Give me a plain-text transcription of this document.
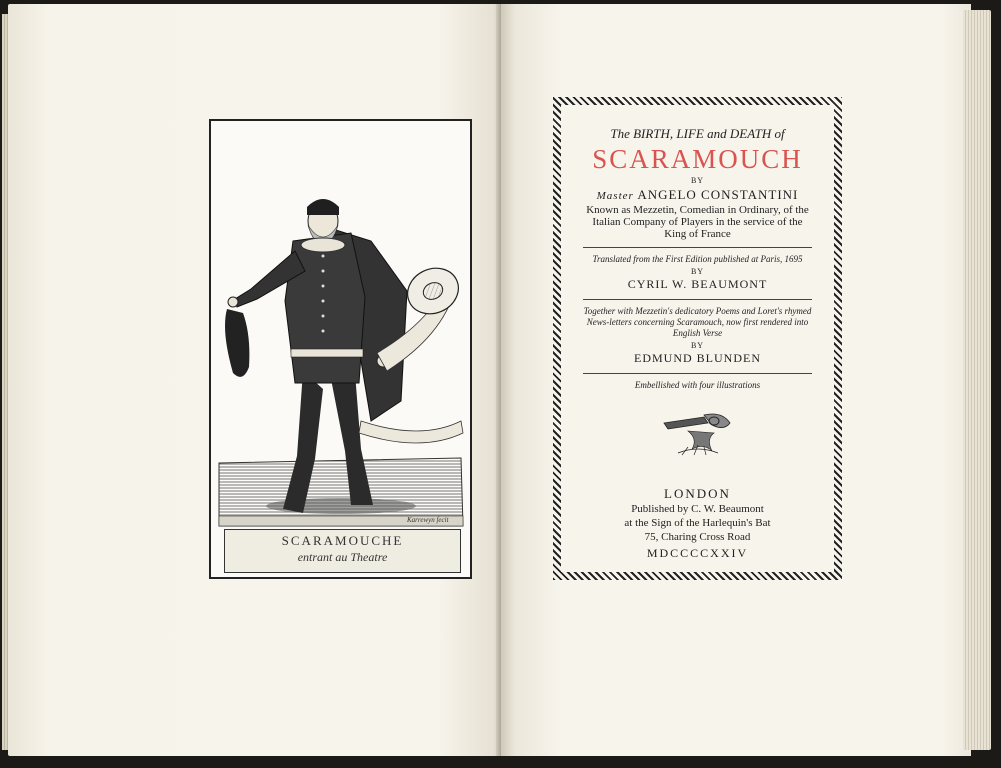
Karrewyn fecit
SCARAMOUCHE
entrant au Theatre
The BIRTH, LIFE and DEATH of
SCARAMOUCH
BY
Master ANGELO CONSTANTINI
Known as Mezzetin, Comedian in Ordinary, of the Italian Company of Players in the service of the King of France
Translated from the First Edition published at Paris, 1695
BY
CYRIL W. BEAUMONT
Together with Mezzetin's dedicatory Poems and Loret's rhymed News-letters concerning Scaramouch, now first rendered into English Verse
BY
EDMUND BLUNDEN
Embellished with four illustrations
LONDON
Published by C. W. Beaumont
at the Sign of the Harlequin's Bat
75, Charing Cross Road
MDCCCCXXIV
